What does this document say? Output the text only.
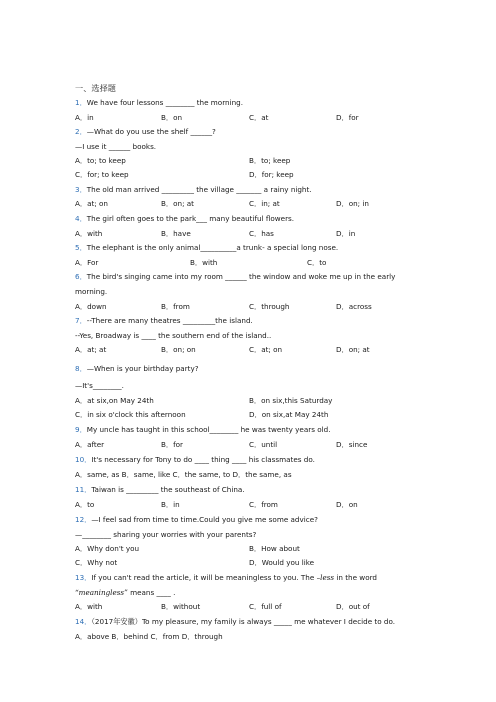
一、选择题
1．We have four lessons ________ the morning.
A．in	B．on	C．at	D．for
2．—What do you use the shelf ______?
—I use it ______ books.
A．to; to keep	B．to; keep
C．for; to keep	D．for; keep
3．The old man arrived _________ the village _______ a rainy night.
A．at; on	B．on; at	C．in; at	D．on; in
4．The girl often goes to the park___ many beautiful flowers.
A．with	B．have	C．has	D．in
5．The elephant is the only animal__________a trunk- a special long nose.
A．For	B．with	C．to
6．The bird's singing came into my room ______ the window and woke me up in the early
morning.
A．down	B．from	C．through	D．across
7．--There are many theatres _________the island.
--Yes, Broadway is ____ the southern end of the island..
A．at; at	B．on; on	C．at; on	D．on; at
8．—When is your birthday party?
—It's________.
A．at six,on May 24th	B．on six,this Saturday
C．in six o'clock this afternoon	D．on six,at May 24th
9．My uncle has taught in this school________ he was twenty years old.
A．after	B．for	C．until	D．since
10．It's necessary for Tony to do ____ thing ____ his classmates do.
A．same, as B．same, like C．the same, to D．the same, as
11．Taiwan is _________ the southeast of China.
A．to	B．in	C．from	D．on
12．—I feel sad from time to time.Could you give me some advice?
—________ sharing your worries with your parents?
A．Why don't you	B．How about
C．Why not	D．Would you like
13．If you can't read the article, it will be meaningless to you. The –less in the word
“meaningless” means ____ .
A．with	B．without	C．full of	D．out of
14．（2017年安徽）To my pleasure, my family is always _____ me whatever I decide to do.
A．above B．behind C．from D．through
